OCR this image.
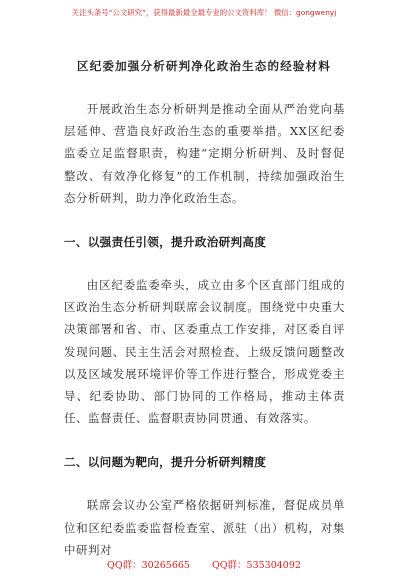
关注头条号“公文研究”，获得最新最全最专业的公文资料库！ 微信：gongwenyj
区纪委加强分析研判净化政治生态的经验材料

开展政治生态分析研判是推动全面从严治党向基层延伸、营造良好政治生态的重要举措。XX区纪委监委立足监督职责，构建“定期分析研判、及时督促整改、有效净化修复”的工作机制，持续加强政治生态分析研判，助力净化政治生态。

一、以强责任引领，提升政治研判高度

由区纪委监委牵头，成立由多个区直部门组成的区政治生态分析研判联席会议制度。围绕党中央重大决策部署和省、市、区委重点工作安排，对区委自评发现问题、民主生活会对照检查、上级反馈问题整改以及区域发展环境评价等工作进行整合，形成党委主导、纪委协助、部门协同的工作格局，推动主体责任、监督责任、监督职责协同贯通、有效落实。

二、以问题为靶向，提升分析研判精度

联席会议办公室严格依据研判标准，督促成员单位和区纪委监委监督检查室、派驻（出）机构，对集中研判对

QQ群：30265665 QQ群：535304092
